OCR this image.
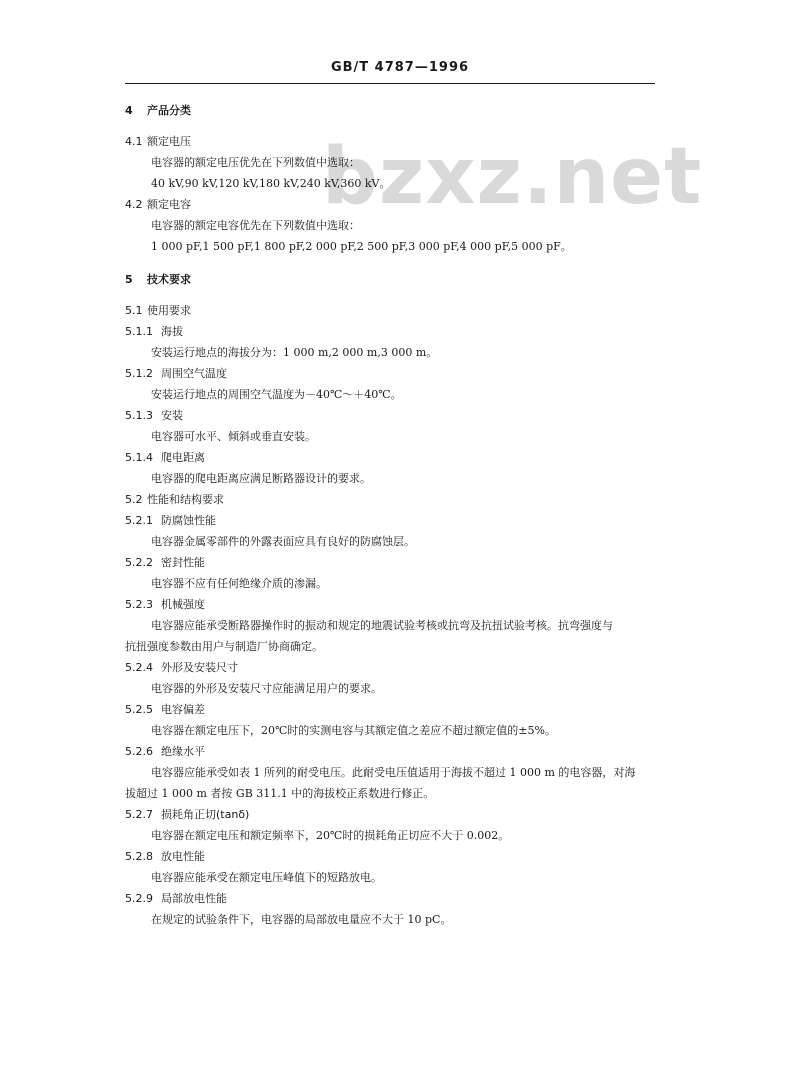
GB/T 4787—1996
bzxz.net
4 产品分类
4.1 额定电压
电容器的额定电压优先在下列数值中选取：
40 kV,90 kV,120 kV,180 kV,240 kV,360 kV。
4.2 额定电容
电容器的额定电容优先在下列数值中选取：
1 000 pF,1 500 pF,1 800 pF,2 000 pF,2 500 pF,3 000 pF,4 000 pF,5 000 pF。
5 技术要求
5.1 使用要求
5.1.1 海拔
安装运行地点的海拔分为：1 000 m,2 000 m,3 000 m。
5.1.2 周围空气温度
安装运行地点的周围空气温度为－40℃～＋40℃。
5.1.3 安装
电容器可水平、倾斜或垂直安装。
5.1.4 爬电距离
电容器的爬电距离应满足断路器设计的要求。
5.2 性能和结构要求
5.2.1 防腐蚀性能
电容器金属零部件的外露表面应具有良好的防腐蚀层。
5.2.2 密封性能
电容器不应有任何绝缘介质的渗漏。
5.2.3 机械强度
电容器应能承受断路器操作时的振动和规定的地震试验考核或抗弯及抗扭试验考核。抗弯强度与
抗扭强度参数由用户与制造厂协商确定。
5.2.4 外形及安装尺寸
电容器的外形及安装尺寸应能满足用户的要求。
5.2.5 电容偏差
电容器在额定电压下，20℃时的实测电容与其额定值之差应不超过额定值的±5%。
5.2.6 绝缘水平
电容器应能承受如表 1 所列的耐受电压。此耐受电压值适用于海拔不超过 1 000 m 的电容器，对海
拔超过 1 000 m 者按 GB 311.1 中的海拔校正系数进行修正。
5.2.7 损耗角正切(tanδ)
电容器在额定电压和额定频率下，20℃时的损耗角正切应不大于 0.002。
5.2.8 放电性能
电容器应能承受在额定电压峰值下的短路放电。
5.2.9 局部放电性能
在规定的试验条件下，电容器的局部放电量应不大于 10 pC。
